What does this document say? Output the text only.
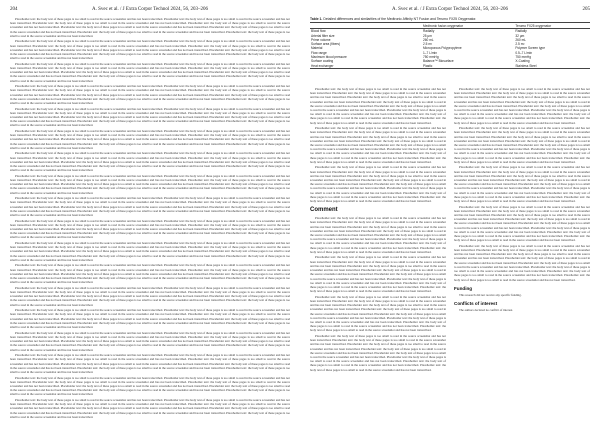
204	A. Svec et al. / J Extra Corpor Technol 2024, 56, 203–206

Placeholder text: the body text of these pages is too small to read in the source screenshot and has not been transcribed. Placeholder text: the body text of these pages is too small to read in the source screenshot and has not been transcribed. Placeholder text: the body text of these pages is too small to read in the source screenshot and has not been transcribed. Placeholder text: the body text of these pages is too small to read in the source screenshot and has not been transcribed. Placeholder text: the body text of these pages is too small to read in the source screenshot and has not been transcribed. Placeholder text: the body text of these pages is too small to read in the source screenshot and has not been transcribed. Placeholder text: the body text of these pages is too small to read in the source screenshot and has not been transcribed. Placeholder text: the body text of these pages is too small to read in the source screenshot and has not been transcribed.

Placeholder text: the body text of these pages is too small to read in the source screenshot and has not been transcribed. Placeholder text: the body text of these pages is too small to read in the source screenshot and has not been transcribed. Placeholder text: the body text of these pages is too small to read in the source screenshot and has not been transcribed. Placeholder text: the body text of these pages is too small to read in the source screenshot and has not been transcribed. Placeholder text: the body text of these pages is too small to read in the source screenshot and has not been transcribed. Placeholder text: the body text of these pages is too small to read in the source screenshot and has not been transcribed. Placeholder text: the body text of these pages is too small to read in the source screenshot and has not been transcribed. Placeholder text: the body text of these pages is too small to read in the source screenshot and has not been transcribed.

Placeholder text: the body text of these pages is too small to read in the source screenshot and has not been transcribed. Placeholder text: the body text of these pages is too small to read in the source screenshot and has not been transcribed. Placeholder text: the body text of these pages is too small to read in the source screenshot and has not been transcribed. Placeholder text: the body text of these pages is too small to read in the source screenshot and has not been transcribed. Placeholder text: the body text of these pages is too small to read in the source screenshot and has not been transcribed. Placeholder text: the body text of these pages is too small to read in the source screenshot and has not been transcribed. Placeholder text: the body text of these pages is too small to read in the source screenshot and has not been transcribed. Placeholder text: the body text of these pages is too small to read in the source screenshot and has not been transcribed.

Placeholder text: the body text of these pages is too small to read in the source screenshot and has not been transcribed. Placeholder text: the body text of these pages is too small to read in the source screenshot and has not been transcribed. Placeholder text: the body text of these pages is too small to read in the source screenshot and has not been transcribed. Placeholder text: the body text of these pages is too small to read in the source screenshot and has not been transcribed. Placeholder text: the body text of these pages is too small to read in the source screenshot and has not been transcribed. Placeholder text: the body text of these pages is too small to read in the source screenshot and has not been transcribed. Placeholder text: the body text of these pages is too small to read in the source screenshot and has not been transcribed. Placeholder text: the body text of these pages is too small to read in the source screenshot and has not been transcribed.

Placeholder text: the body text of these pages is too small to read in the source screenshot and has not been transcribed. Placeholder text: the body text of these pages is too small to read in the source screenshot and has not been transcribed. Placeholder text: the body text of these pages is too small to read in the source screenshot and has not been transcribed. Placeholder text: the body text of these pages is too small to read in the source screenshot and has not been transcribed. Placeholder text: the body text of these pages is too small to read in the source screenshot and has not been transcribed. Placeholder text: the body text of these pages is too small to read in the source screenshot and has not been transcribed. Placeholder text: the body text of these pages is too small to read in the source screenshot and has not been transcribed. Placeholder text: the body text of these pages is too small to read in the source screenshot and has not been transcribed.

Placeholder text: the body text of these pages is too small to read in the source screenshot and has not been transcribed. Placeholder text: the body text of these pages is too small to read in the source screenshot and has not been transcribed. Placeholder text: the body text of these pages is too small to read in the source screenshot and has not been transcribed. Placeholder text: the body text of these pages is too small to read in the source screenshot and has not been transcribed. Placeholder text: the body text of these pages is too small to read in the source screenshot and has not been transcribed. Placeholder text: the body text of these pages is too small to read in the source screenshot and has not been transcribed. Placeholder text: the body text of these pages is too small to read in the source screenshot and has not been transcribed. Placeholder text: the body text of these pages is too small to read in the source screenshot and has not been transcribed.

Placeholder text: the body text of these pages is too small to read in the source screenshot and has not been transcribed. Placeholder text: the body text of these pages is too small to read in the source screenshot and has not been transcribed. Placeholder text: the body text of these pages is too small to read in the source screenshot and has not been transcribed. Placeholder text: the body text of these pages is too small to read in the source screenshot and has not been transcribed. Placeholder text: the body text of these pages is too small to read in the source screenshot and has not been transcribed. Placeholder text: the body text of these pages is too small to read in the source screenshot and has not been transcribed. Placeholder text: the body text of these pages is too small to read in the source screenshot and has not been transcribed. Placeholder text: the body text of these pages is too small to read in the source screenshot and has not been transcribed.

Placeholder text: the body text of these pages is too small to read in the source screenshot and has not been transcribed. Placeholder text: the body text of these pages is too small to read in the source screenshot and has not been transcribed. Placeholder text: the body text of these pages is too small to read in the source screenshot and has not been transcribed. Placeholder text: the body text of these pages is too small to read in the source screenshot and has not been transcribed. Placeholder text: the body text of these pages is too small to read in the source screenshot and has not been transcribed. Placeholder text: the body text of these pages is too small to read in the source screenshot and has not been transcribed. Placeholder text: the body text of these pages is too small to read in the source screenshot and has not been transcribed. Placeholder text: the body text of these pages is too small to read in the source screenshot and has not been transcribed.

Placeholder text: the body text of these pages is too small to read in the source screenshot and has not been transcribed. Placeholder text: the body text of these pages is too small to read in the source screenshot and has not been transcribed. Placeholder text: the body text of these pages is too small to read in the source screenshot and has not been transcribed. Placeholder text: the body text of these pages is too small to read in the source screenshot and has not been transcribed. Placeholder text: the body text of these pages is too small to read in the source screenshot and has not been transcribed. Placeholder text: the body text of these pages is too small to read in the source screenshot and has not been transcribed. Placeholder text: the body text of these pages is too small to read in the source screenshot and has not been transcribed. Placeholder text: the body text of these pages is too small to read in the source screenshot and has not been transcribed.

Placeholder text: the body text of these pages is too small to read in the source screenshot and has not been transcribed. Placeholder text: the body text of these pages is too small to read in the source screenshot and has not been transcribed. Placeholder text: the body text of these pages is too small to read in the source screenshot and has not been transcribed. Placeholder text: the body text of these pages is too small to read in the source screenshot and has not been transcribed. Placeholder text: the body text of these pages is too small to read in the source screenshot and has not been transcribed. Placeholder text: the body text of these pages is too small to read in the source screenshot and has not been transcribed. Placeholder text: the body text of these pages is too small to read in the source screenshot and has not been transcribed. Placeholder text: the body text of these pages is too small to read in the source screenshot and has not been transcribed.

Placeholder text: the body text of these pages is too small to read in the source screenshot and has not been transcribed. Placeholder text: the body text of these pages is too small to read in the source screenshot and has not been transcribed. Placeholder text: the body text of these pages is too small to read in the source screenshot and has not been transcribed. Placeholder text: the body text of these pages is too small to read in the source screenshot and has not been transcribed. Placeholder text: the body text of these pages is too small to read in the source screenshot and has not been transcribed. Placeholder text: the body text of these pages is too small to read in the source screenshot and has not been transcribed. Placeholder text: the body text of these pages is too small to read in the source screenshot and has not been transcribed. Placeholder text: the body text of these pages is too small to read in the source screenshot and has not been transcribed.

Placeholder text: the body text of these pages is too small to read in the source screenshot and has not been transcribed. Placeholder text: the body text of these pages is too small to read in the source screenshot and has not been transcribed. Placeholder text: the body text of these pages is too small to read in the source screenshot and has not been transcribed. Placeholder text: the body text of these pages is too small to read in the source screenshot and has not been transcribed. Placeholder text: the body text of these pages is too small to read in the source screenshot and has not been transcribed. Placeholder text: the body text of these pages is too small to read in the source screenshot and has not been transcribed. Placeholder text: the body text of these pages is too small to read in the source screenshot and has not been transcribed. Placeholder text: the body text of these pages is too small to read in the source screenshot and has not been transcribed.

Placeholder text: the body text of these pages is too small to read in the source screenshot and has not been transcribed. Placeholder text: the body text of these pages is too small to read in the source screenshot and has not been transcribed. Placeholder text: the body text of these pages is too small to read in the source screenshot and has not been transcribed. Placeholder text: the body text of these pages is too small to read in the source screenshot and has not been transcribed. Placeholder text: the body text of these pages is too small to read in the source screenshot and has not been transcribed. Placeholder text: the body text of these pages is too small to read in the source screenshot and has not been transcribed. Placeholder text: the body text of these pages is too small to read in the source screenshot and has not been transcribed. Placeholder text: the body text of these pages is too small to read in the source screenshot and has not been transcribed.

Placeholder text: the body text of these pages is too small to read in the source screenshot and has not been transcribed. Placeholder text: the body text of these pages is too small to read in the source screenshot and has not been transcribed. Placeholder text: the body text of these pages is too small to read in the source screenshot and has not been transcribed. Placeholder text: the body text of these pages is too small to read in the source screenshot and has not been transcribed. Placeholder text: the body text of these pages is too small to read in the source screenshot and has not been transcribed. Placeholder text: the body text of these pages is too small to read in the source screenshot and has not been transcribed. Placeholder text: the body text of these pages is too small to read in the source screenshot and has not been transcribed. Placeholder text: the body text of these pages is too small to read in the source screenshot and has not been transcribed.

Placeholder text: the body text of these pages is too small to read in the source screenshot and has not been transcribed. Placeholder text: the body text of these pages is too small to read in the source screenshot and has not been transcribed. Placeholder text: the body text of these pages is too small to read in the source screenshot and has not been transcribed. Placeholder text: the body text of these pages is too small to read in the source screenshot and has not been transcribed. Placeholder text: the body text of these pages is too small to read in the source screenshot and has not been transcribed. Placeholder text: the body text of these pages is too small to read in the source screenshot and has not been transcribed. Placeholder text: the body text of these pages is too small to read in the source screenshot and has not been transcribed. Placeholder text: the body text of these pages is too small to read in the source screenshot and has not been transcribed.

Placeholder text: the body text of these pages is too small to read in the source screenshot and has not been transcribed. Placeholder text: the body text of these pages is too small to read in the source screenshot and has not been transcribed. Placeholder text: the body text of these pages is too small to read in the source screenshot and has not been transcribed. Placeholder text: the body text of these pages is too small to read in the source screenshot and has not been transcribed. Placeholder text: the body text of these pages is too small to read in the source screenshot and has not been transcribed. Placeholder text: the body text of these pages is too small to read in the source screenshot and has not been transcribed. Placeholder text: the body text of these pages is too small to read in the source screenshot and has not been transcribed. Placeholder text: the body text of these pages is too small to read in the source screenshot and has not been transcribed.

Placeholder text: the body text of these pages is too small to read in the source screenshot and has not been transcribed. Placeholder text: the body text of these pages is too small to read in the source screenshot and has not been transcribed. Placeholder text: the body text of these pages is too small to read in the source screenshot and has not been transcribed. Placeholder text: the body text of these pages is too small to read in the source screenshot and has not been transcribed. Placeholder text: the body text of these pages is too small to read in the source screenshot and has not been transcribed. Placeholder text: the body text of these pages is too small to read in the source screenshot and has not been transcribed. Placeholder text: the body text of these pages is too small to read in the source screenshot and has not been transcribed. Placeholder text: the body text of these pages is too small to read in the source screenshot and has not been transcribed.

Placeholder text: the body text of these pages is too small to read in the source screenshot and has not been transcribed. Placeholder text: the body text of these pages is too small to read in the source screenshot and has not been transcribed. Placeholder text: the body text of these pages is too small to read in the source screenshot and has not been transcribed. Placeholder text: the body text of these pages is too small to read in the source screenshot and has not been transcribed. Placeholder text: the body text of these pages is too small to read in the source screenshot and has not been transcribed. Placeholder text: the body text of these pages is too small to read in the source screenshot and has not been transcribed. Placeholder text: the body text of these pages is too small to read in the source screenshot and has not been transcribed. Placeholder text: the body text of these pages is too small to read in the source screenshot and has not been transcribed.

A. Svec et al. / J Extra Corpor Technol 2024, 56, 203–206	205
Table 1. Detailed differences and similarities of the Medtronic Affinity NT Fusion and Terumo FX25 Oxygenator.
	Medtronic fusion oxygenator	Terumo FX25 oxygenator
Blood flow	Radially	Radially
Arterial filter size	25 μm	32 μm
Prime volume	260 mL	260 mL
Surface area (fibers)	2.5 m²	2.5 m²
Material	Microporous Polypropylene	Polymer Screen type
Flow range	1–7 L/min	0.5–7 L/min
Maximum blood pressure	750 mmHg	750 mmHg
Surface coating	Balance™ Biosurface	X-Coating
Heat exchanger	Plastic	Stainless Steel

Placeholder text: the body text of these pages is too small to read in the source screenshot and has not been transcribed. Placeholder text: the body text of these pages is too small to read in the source screenshot and has not been transcribed. Placeholder text: the body text of these pages is too small to read in the source screenshot and has not been transcribed. Placeholder text: the body text of these pages is too small to read in the source screenshot and has not been transcribed. Placeholder text: the body text of these pages is too small to read in the source screenshot and has not been transcribed. Placeholder text: the body text of these pages is too small to read in the source screenshot and has not been transcribed. Placeholder text: the body text of these pages is too small to read in the source screenshot and has not been transcribed. Placeholder text: the body text of these pages is too small to read in the source screenshot and has not been transcribed.

Placeholder text: the body text of these pages is too small to read in the source screenshot and has not been transcribed. Placeholder text: the body text of these pages is too small to read in the source screenshot and has not been transcribed. Placeholder text: the body text of these pages is too small to read in the source screenshot and has not been transcribed. Placeholder text: the body text of these pages is too small to read in the source screenshot and has not been transcribed. Placeholder text: the body text of these pages is too small to read in the source screenshot and has not been transcribed. Placeholder text: the body text of these pages is too small to read in the source screenshot and has not been transcribed. Placeholder text: the body text of these pages is too small to read in the source screenshot and has not been transcribed. Placeholder text: the body text of these pages is too small to read in the source screenshot and has not been transcribed.

Placeholder text: the body text of these pages is too small to read in the source screenshot and has not been transcribed. Placeholder text: the body text of these pages is too small to read in the source screenshot and has not been transcribed. Placeholder text: the body text of these pages is too small to read in the source screenshot and has not been transcribed. Placeholder text: the body text of these pages is too small to read in the source screenshot and has not been transcribed. Placeholder text: the body text of these pages is too small to read in the source screenshot and has not been transcribed. Placeholder text: the body text of these pages is too small to read in the source screenshot and has not been transcribed. Placeholder text: the body text of these pages is too small to read in the source screenshot and has not been transcribed. Placeholder text: the body text of these pages is too small to read in the source screenshot and has not been transcribed.

Comment

Placeholder text: the body text of these pages is too small to read in the source screenshot and has not been transcribed. Placeholder text: the body text of these pages is too small to read in the source screenshot and has not been transcribed. Placeholder text: the body text of these pages is too small to read in the source screenshot and has not been transcribed. Placeholder text: the body text of these pages is too small to read in the source screenshot and has not been transcribed. Placeholder text: the body text of these pages is too small to read in the source screenshot and has not been transcribed. Placeholder text: the body text of these pages is too small to read in the source screenshot and has not been transcribed. Placeholder text: the body text of these pages is too small to read in the source screenshot and has not been transcribed. Placeholder text: the body text of these pages is too small to read in the source screenshot and has not been transcribed.

Placeholder text: the body text of these pages is too small to read in the source screenshot and has not been transcribed. Placeholder text: the body text of these pages is too small to read in the source screenshot and has not been transcribed. Placeholder text: the body text of these pages is too small to read in the source screenshot and has not been transcribed. Placeholder text: the body text of these pages is too small to read in the source screenshot and has not been transcribed. Placeholder text: the body text of these pages is too small to read in the source screenshot and has not been transcribed. Placeholder text: the body text of these pages is too small to read in the source screenshot and has not been transcribed. Placeholder text: the body text of these pages is too small to read in the source screenshot and has not been transcribed. Placeholder text: the body text of these pages is too small to read in the source screenshot and has not been transcribed.

Placeholder text: the body text of these pages is too small to read in the source screenshot and has not been transcribed. Placeholder text: the body text of these pages is too small to read in the source screenshot and has not been transcribed. Placeholder text: the body text of these pages is too small to read in the source screenshot and has not been transcribed. Placeholder text: the body text of these pages is too small to read in the source screenshot and has not been transcribed. Placeholder text: the body text of these pages is too small to read in the source screenshot and has not been transcribed. Placeholder text: the body text of these pages is too small to read in the source screenshot and has not been transcribed. Placeholder text: the body text of these pages is too small to read in the source screenshot and has not been transcribed. Placeholder text: the body text of these pages is too small to read in the source screenshot and has not been transcribed.

Placeholder text: the body text of these pages is too small to read in the source screenshot and has not been transcribed. Placeholder text: the body text of these pages is too small to read in the source screenshot and has not been transcribed. Placeholder text: the body text of these pages is too small to read in the source screenshot and has not been transcribed. Placeholder text: the body text of these pages is too small to read in the source screenshot and has not been transcribed. Placeholder text: the body text of these pages is too small to read in the source screenshot and has not been transcribed. Placeholder text: the body text of these pages is too small to read in the source screenshot and has not been transcribed. Placeholder text: the body text of these pages is too small to read in the source screenshot and has not been transcribed. Placeholder text: the body text of these pages is too small to read in the source screenshot and has not been transcribed.

Placeholder text: the body text of these pages is too small to read in the source screenshot and has not been transcribed. Placeholder text: the body text of these pages is too small to read in the source screenshot and has not been transcribed. Placeholder text: the body text of these pages is too small to read in the source screenshot and has not been transcribed. Placeholder text: the body text of these pages is too small to read in the source screenshot and has not been transcribed. Placeholder text: the body text of these pages is too small to read in the source screenshot and has not been transcribed. Placeholder text: the body text of these pages is too small to read in the source screenshot and has not been transcribed. Placeholder text: the body text of these pages is too small to read in the source screenshot and has not been transcribed. Placeholder text: the body text of these pages is too small to read in the source screenshot and has not been transcribed.

Placeholder text: the body text of these pages is too small to read in the source screenshot and has not been transcribed. Placeholder text: the body text of these pages is too small to read in the source screenshot and has not been transcribed. Placeholder text: the body text of these pages is too small to read in the source screenshot and has not been transcribed. Placeholder text: the body text of these pages is too small to read in the source screenshot and has not been transcribed. Placeholder text: the body text of these pages is too small to read in the source screenshot and has not been transcribed. Placeholder text: the body text of these pages is too small to read in the source screenshot and has not been transcribed. Placeholder text: the body text of these pages is too small to read in the source screenshot and has not been transcribed. Placeholder text: the body text of these pages is too small to read in the source screenshot and has not been transcribed.

Placeholder text: the body text of these pages is too small to read in the source screenshot and has not been transcribed. Placeholder text: the body text of these pages is too small to read in the source screenshot and has not been transcribed. Placeholder text: the body text of these pages is too small to read in the source screenshot and has not been transcribed. Placeholder text: the body text of these pages is too small to read in the source screenshot and has not been transcribed. Placeholder text: the body text of these pages is too small to read in the source screenshot and has not been transcribed. Placeholder text: the body text of these pages is too small to read in the source screenshot and has not been transcribed. Placeholder text: the body text of these pages is too small to read in the source screenshot and has not been transcribed. Placeholder text: the body text of these pages is too small to read in the source screenshot and has not been transcribed.

Placeholder text: the body text of these pages is too small to read in the source screenshot and has not been transcribed. Placeholder text: the body text of these pages is too small to read in the source screenshot and has not been transcribed. Placeholder text: the body text of these pages is too small to read in the source screenshot and has not been transcribed. Placeholder text: the body text of these pages is too small to read in the source screenshot and has not been transcribed. Placeholder text: the body text of these pages is too small to read in the source screenshot and has not been transcribed. Placeholder text: the body text of these pages is too small to read in the source screenshot and has not been transcribed. Placeholder text: the body text of these pages is too small to read in the source screenshot and has not been transcribed. Placeholder text: the body text of these pages is too small to read in the source screenshot and has not been transcribed.

Placeholder text: the body text of these pages is too small to read in the source screenshot and has not been transcribed. Placeholder text: the body text of these pages is too small to read in the source screenshot and has not been transcribed. Placeholder text: the body text of these pages is too small to read in the source screenshot and has not been transcribed. Placeholder text: the body text of these pages is too small to read in the source screenshot and has not been transcribed. Placeholder text: the body text of these pages is too small to read in the source screenshot and has not been transcribed. Placeholder text: the body text of these pages is too small to read in the source screenshot and has not been transcribed. Placeholder text: the body text of these pages is too small to read in the source screenshot and has not been transcribed. Placeholder text: the body text of these pages is too small to read in the source screenshot and has not been transcribed.

Funding

This research did not receive any specific funding.

Conflicts of interest

The authors declared no conflict of interest.
